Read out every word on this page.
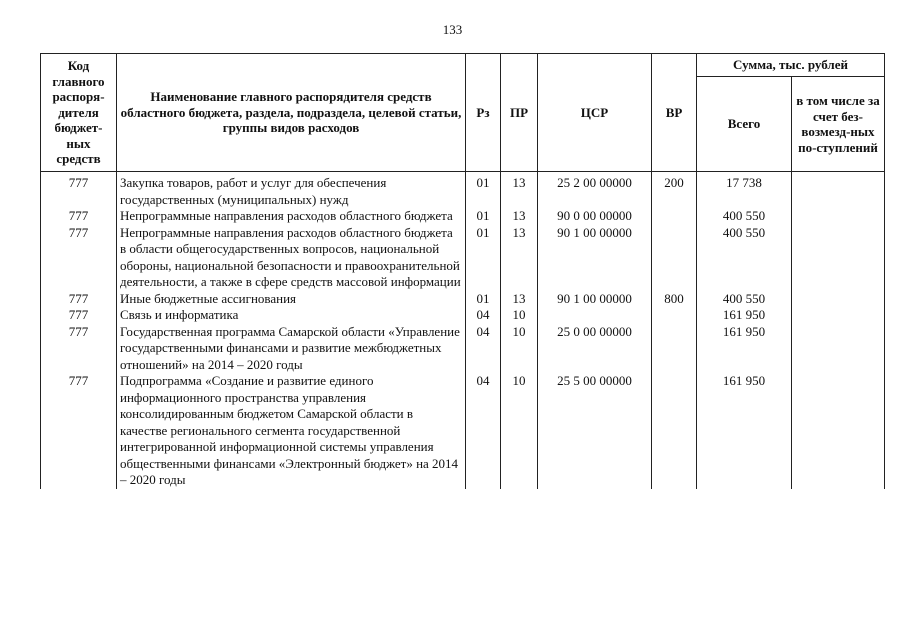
133
Код главного распоря-дителя бюджет-ных средств	Наименование главного распорядителя средств областного бюджета, раздела, подраздела, целевой статьи, группы видов расходов	Рз	ПР	ЦСР	ВР	Сумма, тыс. рублей	
						Всего	в том числе за счет без-возмезд-ных по-ступлений
777	Закупка товаров, работ и услуг для обеспечения государственных (муниципальных) нужд	01	13	25 2 00 00000	200	17 738	
777	Непрограммные направления расходов областного бюджета	01	13	90 0 00 00000		400 550	
777	Непрограммные направления расходов областного бюджета в области общегосударственных вопросов, национальной обороны, национальной безопасности и правоохранительной деятельности, а также в сфере средств массовой информации	01	13	90 1 00 00000		400 550	
777	Иные бюджетные ассигнования	01	13	90 1 00 00000	800	400 550	
777	Связь и информатика	04	10			161 950	
777	Государственная программа Самарской области «Управление государственными финансами и развитие межбюджетных отношений» на 2014 – 2020 годы	04	10	25 0 00 00000		161 950	
777	Подпрограмма «Создание и развитие единого информационного пространства управления консолидированным бюджетом Самарской области в качестве регионального сегмента государственной интегрированной информационной системы управления общественными финансами «Электронный бюджет» на 2014 – 2020 годы	04	10	25 5 00 00000		161 950	
